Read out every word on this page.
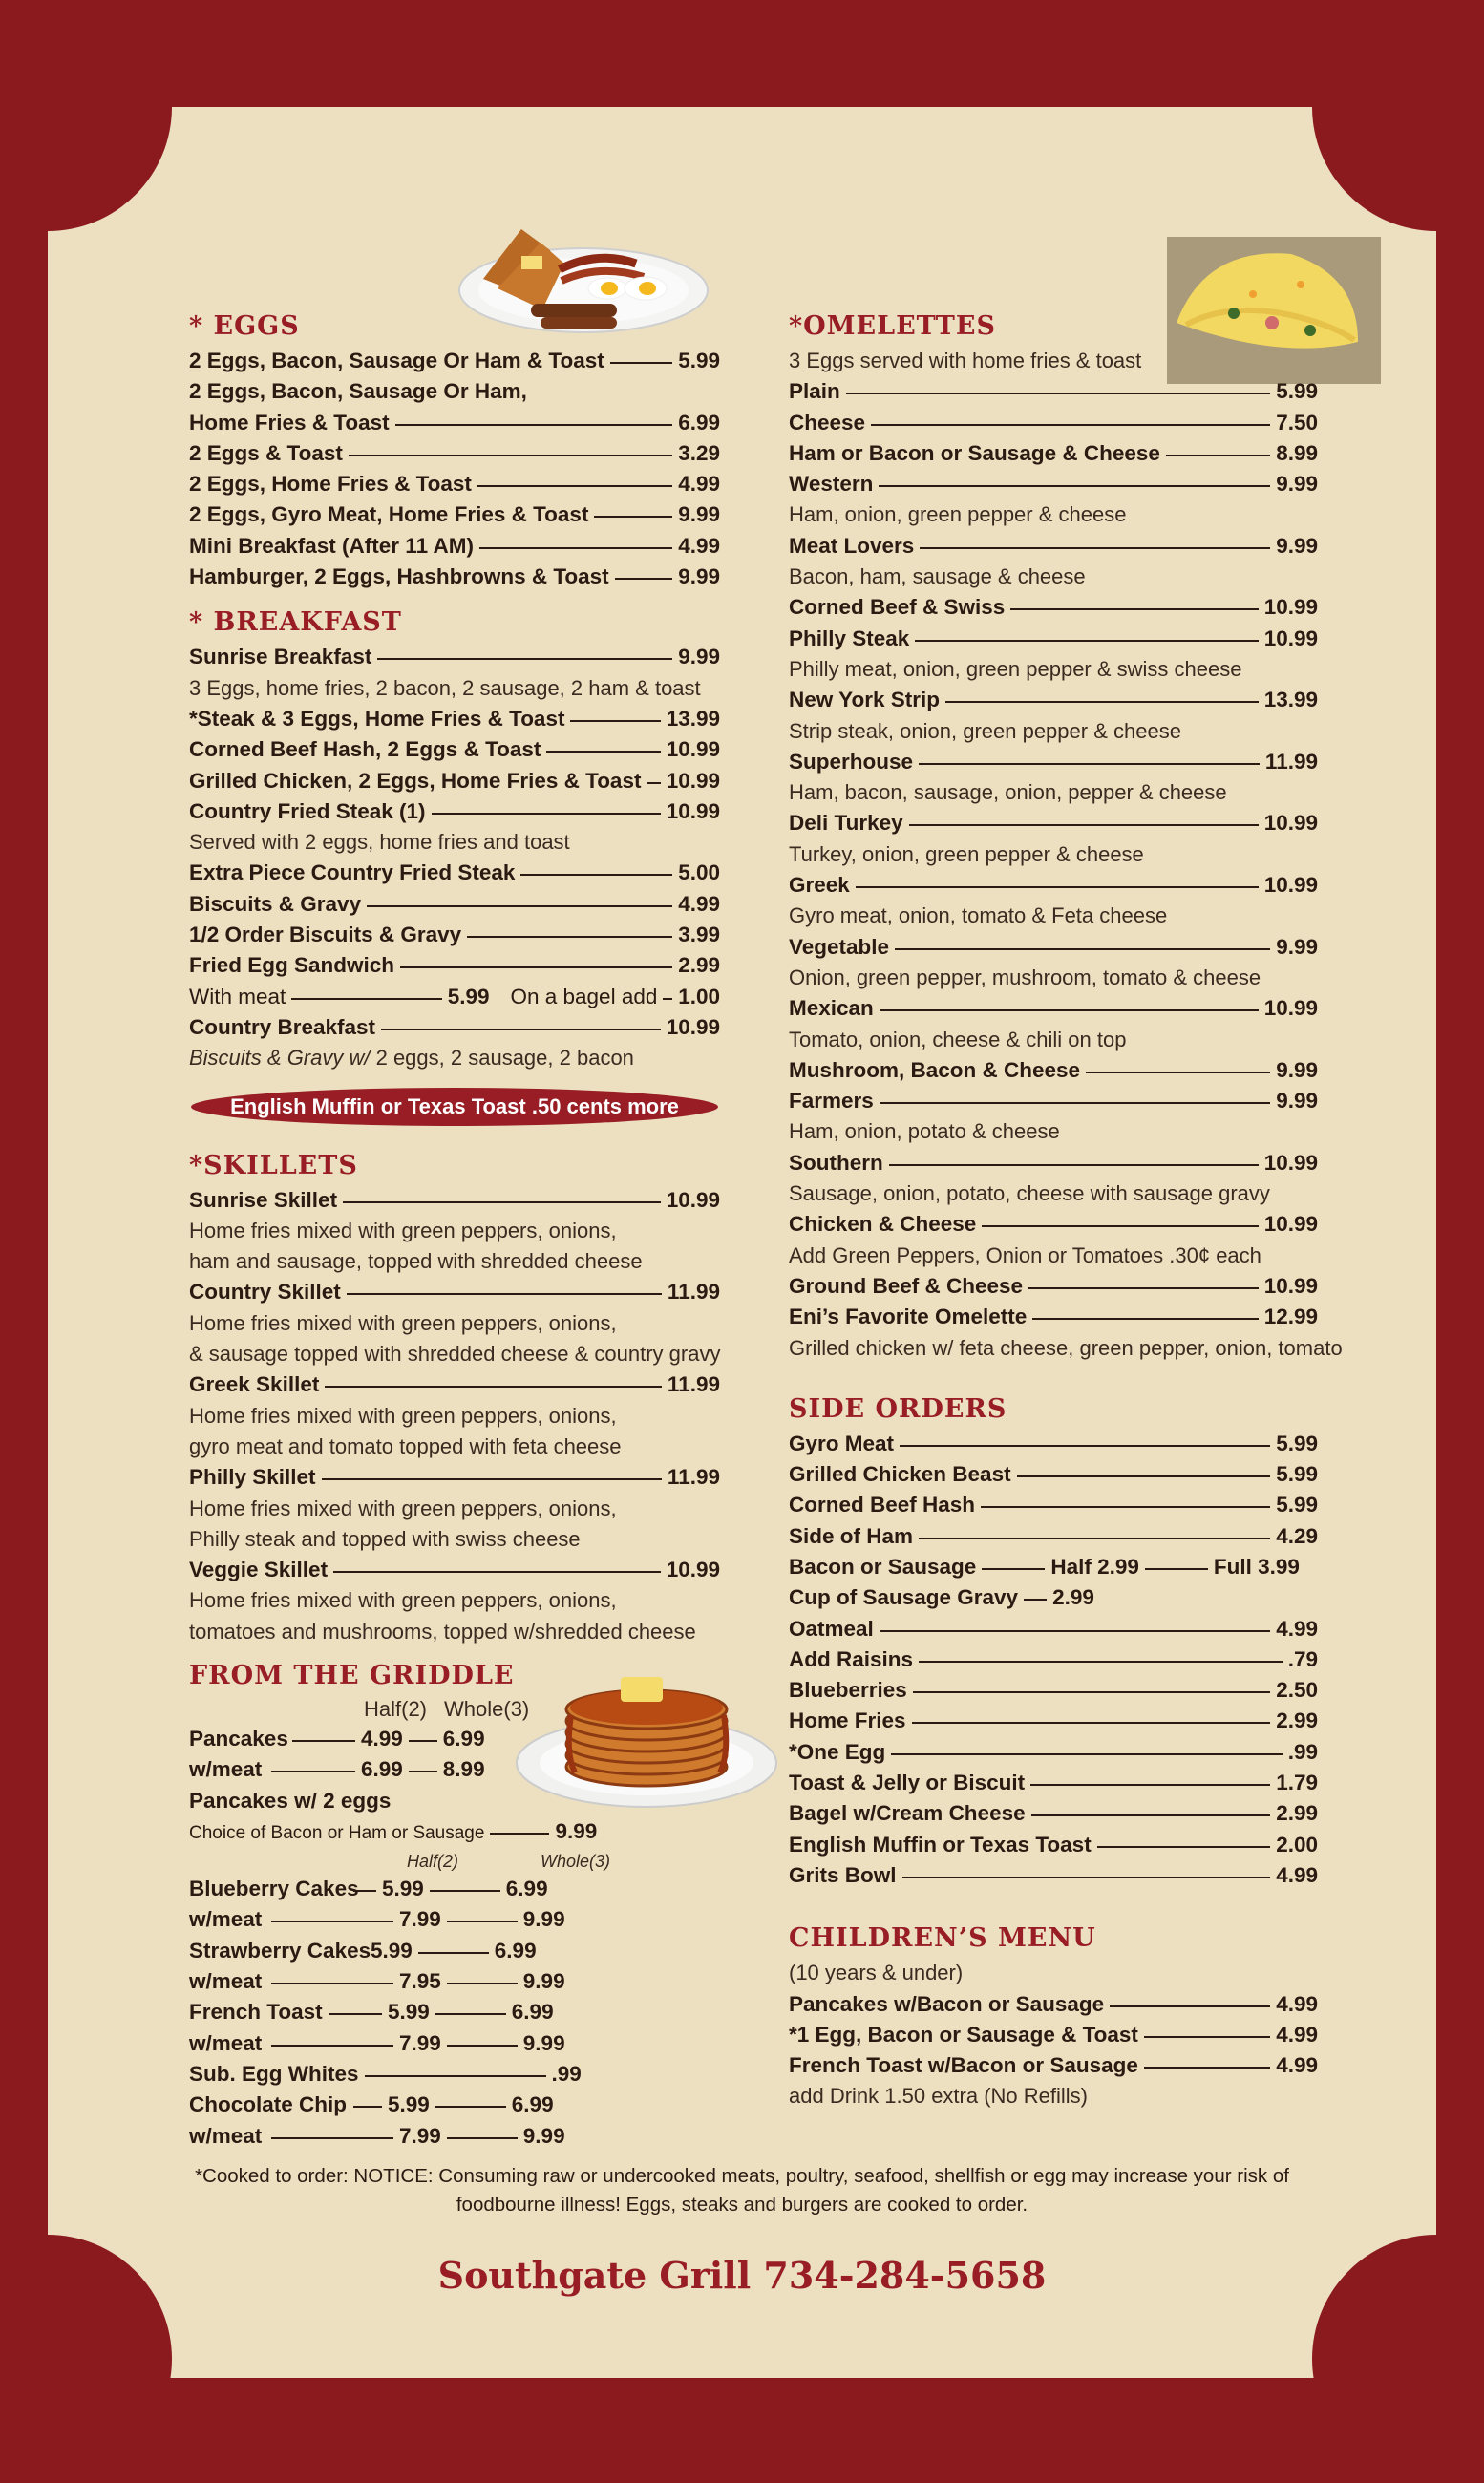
* EGGS
2 Eggs, Bacon, Sausage Or Ham & Toast	5.99
2 Eggs, Bacon, Sausage Or Ham,
Home Fries & Toast	6.99
2 Eggs & Toast	3.29
2 Eggs, Home Fries & Toast	4.99
2 Eggs, Gyro Meat, Home Fries & Toast	9.99
Mini Breakfast (After 11 AM)	4.99
Hamburger, 2 Eggs, Hashbrowns & Toast	9.99
* BREAKFAST
Sunrise Breakfast	9.99
3 Eggs, home fries, 2 bacon, 2 sausage, 2 ham & toast
*Steak & 3 Eggs, Home Fries & Toast	13.99
Corned Beef Hash, 2 Eggs & Toast	10.99
Grilled Chicken, 2 Eggs, Home Fries & Toast 10.99
Country Fried Steak (1)	10.99
Served with 2 eggs, home fries and toast
Extra Piece Country Fried Steak	5.00
Biscuits & Gravy	4.99
1/2 Order Biscuits & Gravy	3.99
Fried Egg Sandwich	2.99
With meat	5.99 On a bagel add 1.00
Country Breakfast	10.99
Biscuits & Gravy w/ 2 eggs, 2 sausage, 2 bacon
English Muffin or Texas Toast .50 cents more
*SKILLETS
Sunrise Skillet	10.99
Home fries mixed with green peppers, onions,
ham and sausage, topped with shredded cheese
Country Skillet	11.99
Home fries mixed with green peppers, onions,
& sausage topped with shredded cheese & country gravy
Greek Skillet	11.99
Home fries mixed with green peppers, onions,
gyro meat and tomato topped with feta cheese
Philly Skillet	11.99
Home fries mixed with green peppers, onions,
Philly steak and topped with swiss cheese
Veggie Skillet	10.99
Home fries mixed with green peppers, onions,
tomatoes and mushrooms, topped w/shredded cheese
FROM THE GRIDDLE
Half(2) Whole(3)
Pancakes	4.99 6.99
w/meat	6.99 8.99
Pancakes w/ 2 eggs
Choice of Bacon or Ham or Sausage	9.99
Half(2)	Whole(3)
Blueberry Cakes 5.99	6.99
w/meat	7.99	9.99
Strawberry Cakes 5.99	6.99
w/meat	7.95	9.99
French Toast	5.99	6.99
w/meat	7.99	9.99
Sub. Egg Whites	.99
Chocolate Chip 5.99	6.99
w/meat	7.99	9.99
*OMELETTES
3 Eggs served with home fries & toast
Plain	5.99
Cheese	7.50
Ham or Bacon or Sausage & Cheese	8.99
Western	9.99
Ham, onion, green pepper & cheese
Meat Lovers	9.99
Bacon, ham, sausage & cheese
Corned Beef & Swiss	10.99
Philly Steak	10.99
Philly meat, onion, green pepper & swiss cheese
New York Strip	13.99
Strip steak, onion, green pepper & cheese
Superhouse	11.99
Ham, bacon, sausage, onion, pepper & cheese
Deli Turkey	10.99
Turkey, onion, green pepper & cheese
Greek	10.99
Gyro meat, onion, tomato & Feta cheese
Vegetable	9.99
Onion, green pepper, mushroom, tomato & cheese
Mexican	10.99
Tomato, onion, cheese & chili on top
Mushroom, Bacon & Cheese	9.99
Farmers	9.99
Ham, onion, potato & cheese
Southern	10.99
Sausage, onion, potato, cheese with sausage gravy
Chicken & Cheese	10.99
Add Green Peppers, Onion or Tomatoes .30¢ each
Ground Beef & Cheese	10.99
Eni’s Favorite Omelette	12.99
Grilled chicken w/ feta cheese, green pepper, onion, tomato
SIDE ORDERS
Gyro Meat	5.99
Grilled Chicken Beast	5.99
Corned Beef Hash	5.99
Side of Ham	4.29
Bacon or Sausage	Half 2.99	Full 3.99
Cup of Sausage Gravy 2.99
Oatmeal	4.99
Add Raisins	.79
Blueberries	2.50
Home Fries	2.99
*One Egg	.99
Toast & Jelly or Biscuit	1.79
Bagel w/Cream Cheese	2.99
English Muffin or Texas Toast	2.00
Grits Bowl	4.99
CHILDREN’S MENU
(10 years & under)
Pancakes w/Bacon or Sausage	4.99
*1 Egg, Bacon or Sausage & Toast	4.99
French Toast w/Bacon or Sausage	4.99
add Drink 1.50 extra (No Refills)
*Cooked to order: NOTICE: Consuming raw or undercooked meats, poultry, seafood, shellfish or egg may increase your risk of
foodbourne illness! Eggs, steaks and burgers are cooked to order.
Southgate Grill 734-284-5658
